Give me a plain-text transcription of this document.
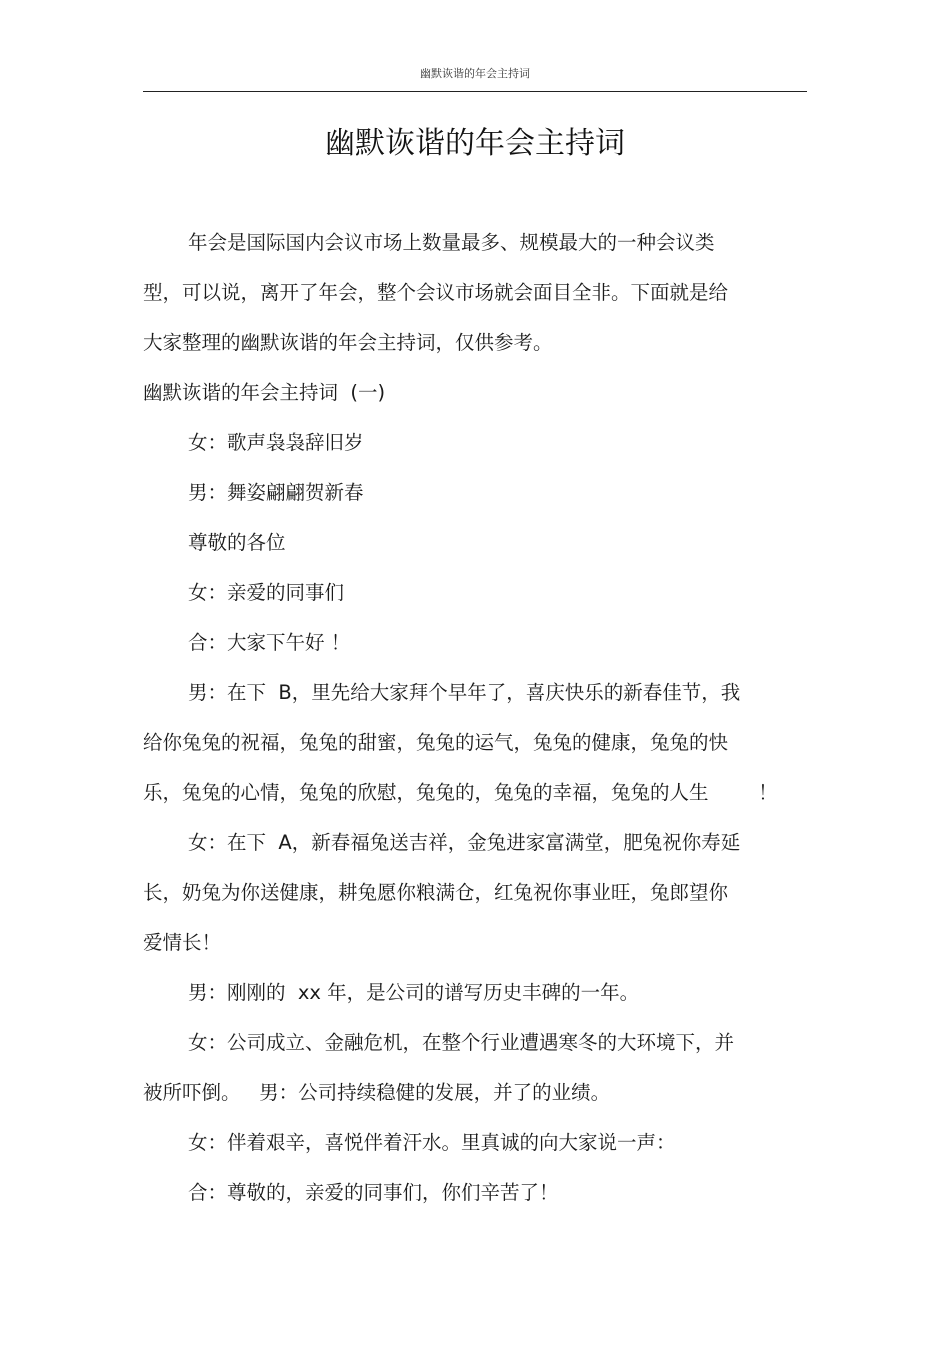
幽默诙谐的年会主持词
幽默诙谐的年会主持词
年会是国际国内会议市场上数量最多、规模最大的一种会议类
型，可以说，离开了年会，整个会议市场就会面目全非。下面就是给
大家整理的幽默诙谐的年会主持词，仅供参考。
幽默诙谐的年会主持词  (一)
女：歌声袅袅辞旧岁
男：舞姿翩翩贺新春
尊敬的各位
女：亲爱的同事们
合：大家下午好 ！
男：在下  B，里先给大家拜个早年了，喜庆快乐的新春佳节，我
给你兔兔的祝福，兔兔的甜蜜，兔兔的运气，兔兔的健康，兔兔的快
乐，兔兔的心情，兔兔的欣慰，兔兔的，兔兔的幸福，兔兔的人生        ！
女：在下  A，新春福兔送吉祥，金兔进家富满堂，肥兔祝你寿延
长，奶兔为你送健康，耕兔愿你粮满仓，红兔祝你事业旺，兔郎望你
爱情长！
男：刚刚的  xx 年，是公司的谱写历史丰碑的一年。
女：公司成立、金融危机，在整个行业遭遇寒冬的大环境下，并
被所吓倒。   男：公司持续稳健的发展，并了的业绩。
女：伴着艰辛，喜悦伴着汗水。里真诚的向大家说一声：
合：尊敬的，亲爱的同事们，你们辛苦了！
